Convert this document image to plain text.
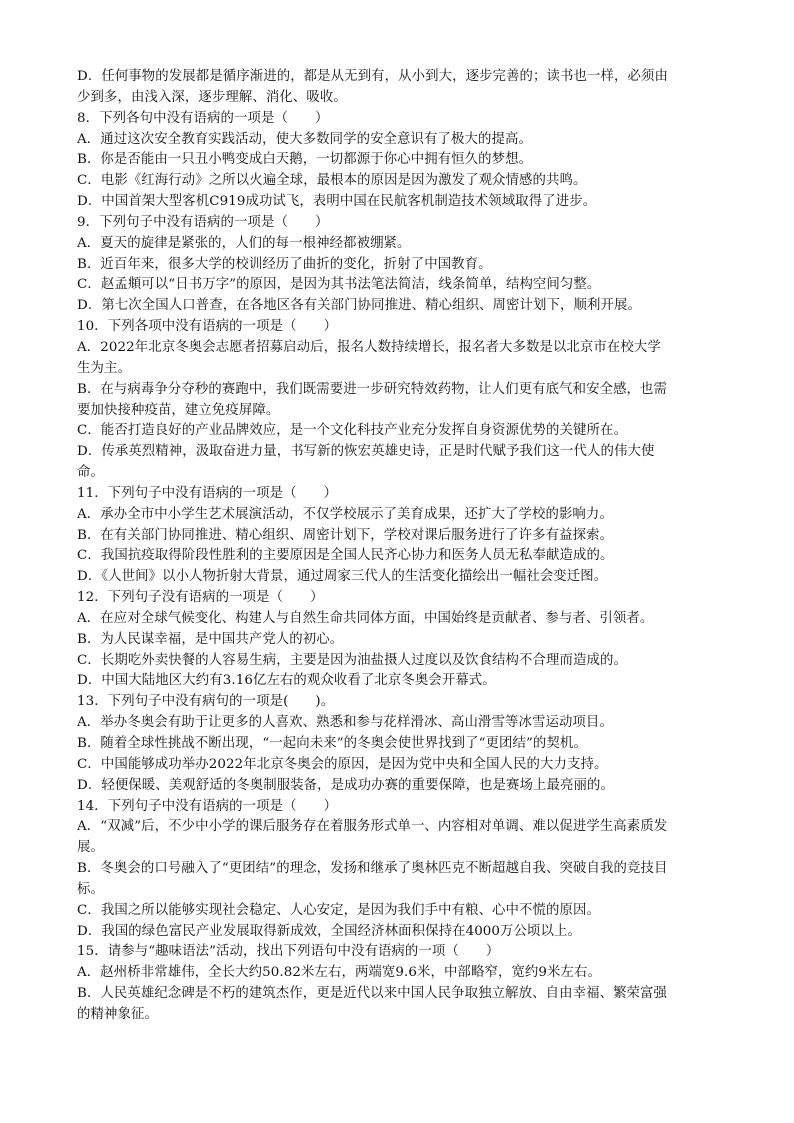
D．任何事物的发展都是循序渐进的，都是从无到有，从小到大，逐步完善的；读书也一样，必须由
少到多，由浅入深，逐步理解、消化、吸收。
8．下列各句中没有语病的一项是（　　）
A．通过这次安全教育实践活动，使大多数同学的安全意识有了极大的提高。
B．你是否能由一只丑小鸭变成白天鹅，一切都源于你心中拥有恒久的梦想。
C．电影《红海行动》之所以火遍全球，最根本的原因是因为激发了观众情感的共鸣。
D．中国首架大型客机C919成功试飞，表明中国在民航客机制造技术领域取得了进步。
9．下列句子中没有语病的一项是（　　）
A．夏天的旋律是紧张的，人们的每一根神经都被绷紧。
B．近百年来，很多大学的校训经历了曲折的变化，折射了中国教育。
C．赵孟頫可以“日书万字”的原因，是因为其书法笔法简洁，线条简单，结构空间匀整。
D．第七次全国人口普查，在各地区各有关部门协同推进、精心组织、周密计划下，顺利开展。
10．下列各项中没有语病的一项是（　　）
A．2022年北京冬奥会志愿者招募启动后，报名人数持续增长，报名者大多数是以北京市在校大学
生为主。
B．在与病毒争分夺秒的赛跑中，我们既需要进一步研究特效药物，让人们更有底气和安全感，也需
要加快接种疫苗，建立免疫屏障。
C．能否打造良好的产业品牌效应，是一个文化科技产业充分发挥自身资源优势的关键所在。
D．传承英烈精神，汲取奋进力量，书写新的恢宏英雄史诗，正是时代赋予我们这一代人的伟大使
命。
11．下列句子中没有语病的一项是（　　）
A．承办全市中小学生艺术展演活动，不仅学校展示了美育成果，还扩大了学校的影响力。
B．在有关部门协同推进、精心组织、周密计划下，学校对课后服务进行了许多有益探索。
C．我国抗疫取得阶段性胜利的主要原因是全国人民齐心协力和医务人员无私奉献造成的。
D．《人世间》以小人物折射大背景，通过周家三代人的生活变化描绘出一幅社会变迁图。
12．下列句子没有语病的一项是（　　）
A．在应对全球气候变化、构建人与自然生命共同体方面，中国始终是贡献者、参与者、引领者。
B．为人民谋幸福，是中国共产党人的初心。
C．长期吃外卖快餐的人容易生病，主要是因为油盐摄人过度以及饮食结构不合理而造成的。
D．中国大陆地区大约有3.16亿左右的观众收看了北京冬奥会开幕式。
13．下列句子中没有病句的一项是(　　)。
A．举办冬奥会有助于让更多的人喜欢、熟悉和参与花样滑冰、高山滑雪等冰雪运动项目。
B．随着全球性挑战不断出现，“一起向未来”的冬奥会使世界找到了“更团结”的契机。
C．中国能够成功举办2022年北京冬奥会的原因，是因为党中央和全国人民的大力支持。
D．轻便保暖、美观舒适的冬奥制服装备，是成功办赛的重要保障，也是赛场上最亮丽的。
14．下列句子中没有语病的一项是（　　）
A．“双减”后，不少中小学的课后服务存在着服务形式单一、内容相对单调、难以促进学生高素质发
展。
B．冬奥会的口号融入了“更团结”的理念，发扬和继承了奥林匹克不断超越自我、突破自我的竞技目
标。
C．我国之所以能够实现社会稳定、人心安定，是因为我们手中有粮、心中不慌的原因。
D．我国的绿色富民产业发展取得新成效，全国经济林面积保持在4000万公顷以上。
15．请参与“趣味语法”活动，找出下列语句中没有语病的一项（　　）
A．赵州桥非常雄伟，全长大约50.82米左右，两端宽9.6米，中部略窄，宽约9米左右。
B．人民英雄纪念碑是不朽的建筑杰作，更是近代以来中国人民争取独立解放、自由幸福、繁荣富强
的精神象征。
